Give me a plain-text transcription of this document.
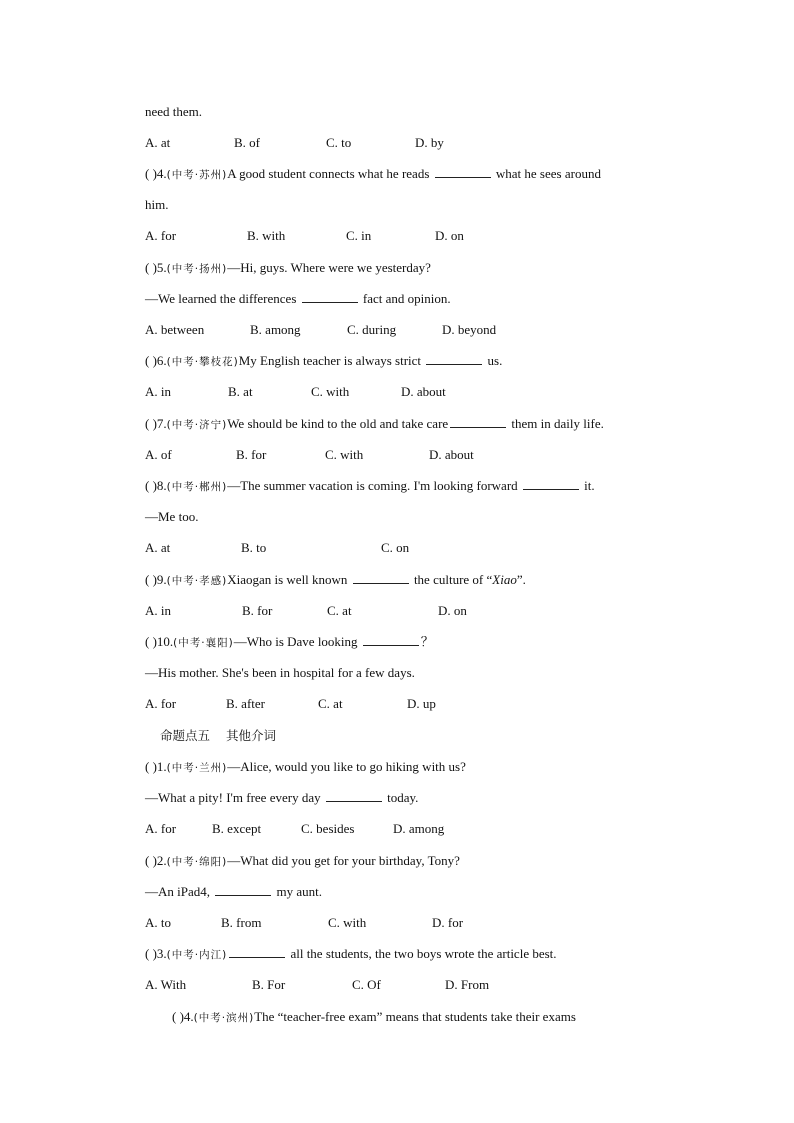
need them.
A. at	B. of	C. to	D. by
( )4.(中考·苏州)A good student connects what he reads	what he sees around
him.
A. for	B. with	C. in	D. on
( )5.(中考·扬州)—Hi, guys. Where were we yesterday?
—We learned the differences	fact and opinion.
A. between	B. among	C. during	D. beyond
( )6.(中考·攀枝花)My English teacher is always strict	us.
A. in	B. at	C. with	D. about
( )7.(中考·济宁)We should be kind to the old and take care	them in daily life.
A. of	B. for	C. with	D. about
( )8.(中考·郴州)—The summer vacation is coming. I'm looking forward	it.
—Me too.
A. at	B. to	C. on
( )9.(中考·孝感)Xiaogan is well known	the culture of “Xiao”.
A. in	B. for	C. at	D. on
( )10.(中考·襄阳)—Who is Dave looking	？
—His mother. She's been in hospital for a few days.
A. for	B. after	C. at	D. up
命题点五 其他介词
( )1.(中考·兰州)—Alice, would you like to go hiking with us?
—What a pity! I'm free every day	today.
A. for	B. except	C. besides	D. among
( )2.(中考·绵阳)—What did you get for your birthday, Tony?
—An iPad4,	my aunt.
A. to	B. from	C. with	D. for
( )3.(中考·内江)	all the students, the two boys wrote the article best.
A. With	B. For	C. Of	D. From
( )4.(中考·滨州)The “teacher-free exam” means that students take their exams
